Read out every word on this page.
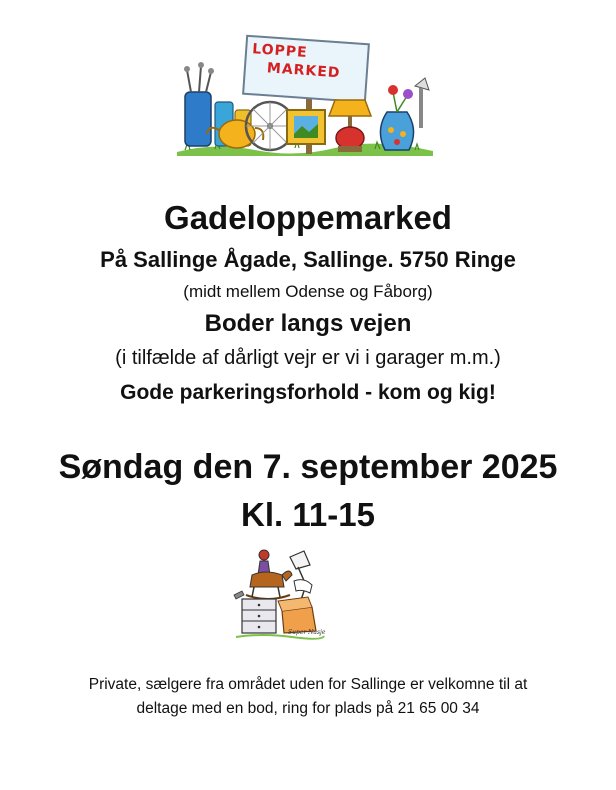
LOPPE
MARKED
Gadeloppemarked
På Sallinge Ågade, Sallinge. 5750 Ringe
(midt mellem Odense og Fåborg)
Boder langs vejen
(i tilfælde af dårligt vejr er vi i garager m.m.)
Gode parkeringsforhold - kom og kig!
Søndag den 7. september 2025
Kl. 11-15
Super Nasje
Private, sælgere fra området uden for Sallinge er velkomne til at
deltage med en bod, ring for plads på 21 65 00 34
